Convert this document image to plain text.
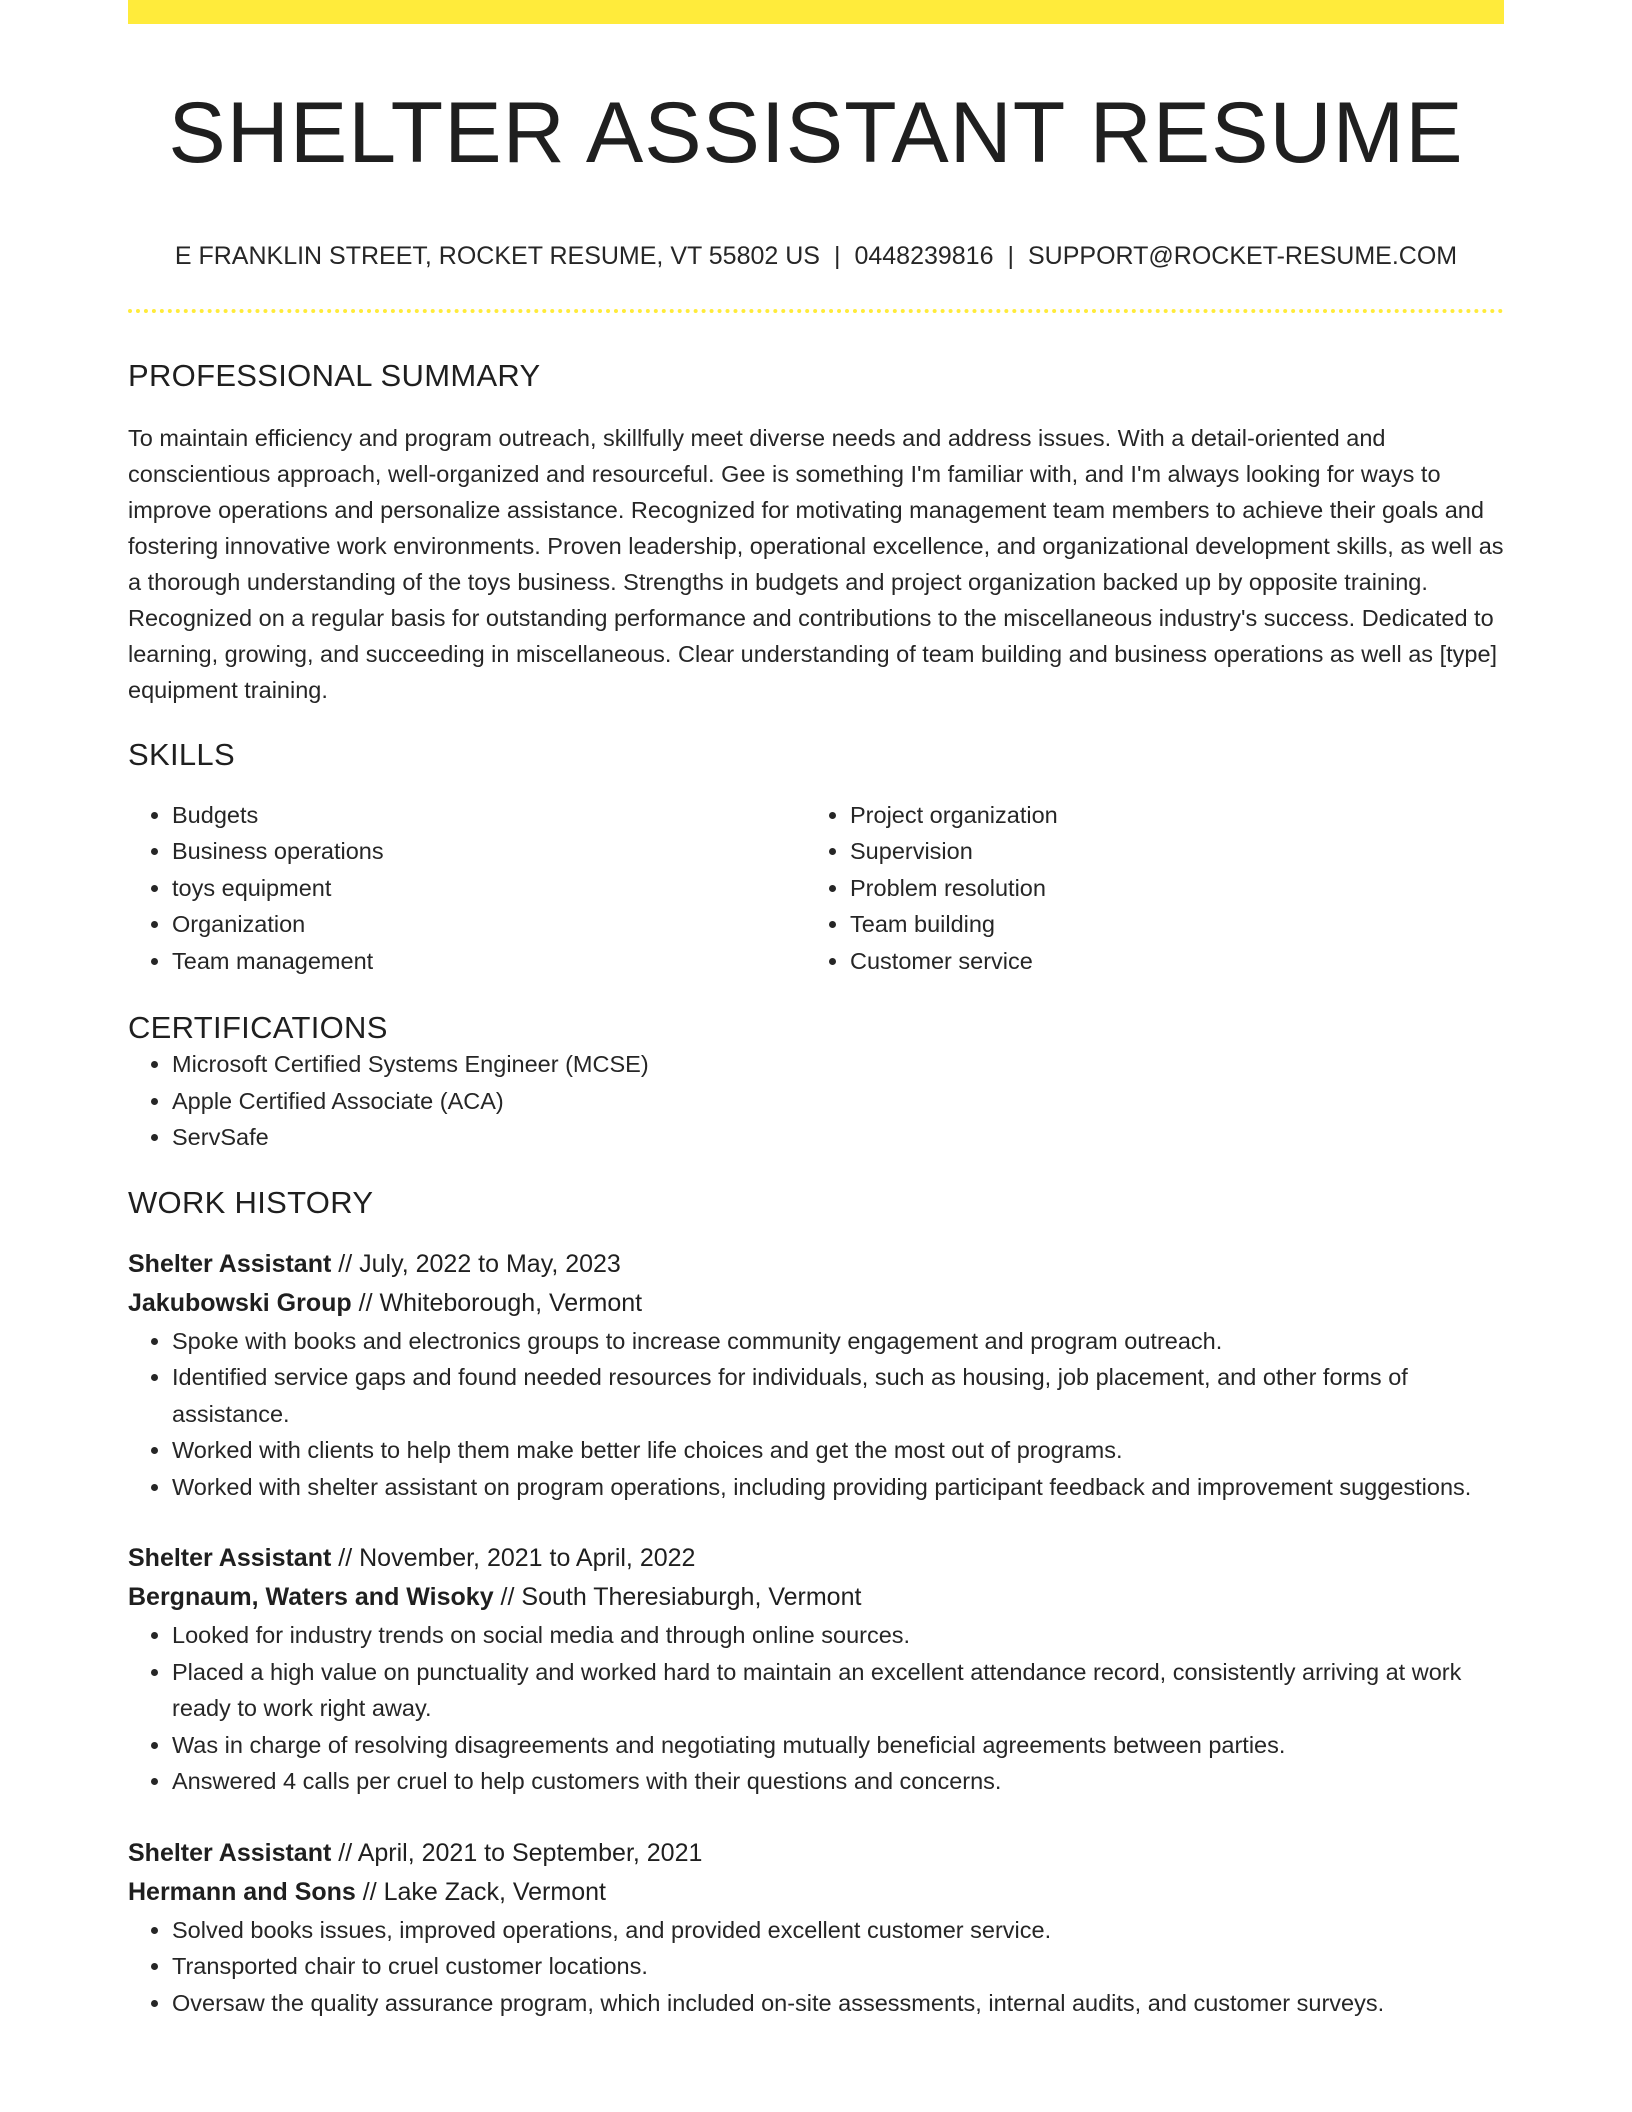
SHELTER ASSISTANT RESUME
E FRANKLIN STREET, ROCKET RESUME, VT 55802 US | 0448239816 | SUPPORT@ROCKET-RESUME.COM
PROFESSIONAL SUMMARY

To maintain efficiency and program outreach, skillfully meet diverse needs and address issues. With a detail-oriented and conscientious approach, well-organized and resourceful. Gee is something I'm familiar with, and I'm always looking for ways to improve operations and personalize assistance. Recognized for motivating management team members to achieve their goals and fostering innovative work environments. Proven leadership, operational excellence, and organizational development skills, as well as a thorough understanding of the toys business. Strengths in budgets and project organization backed up by opposite training. Recognized on a regular basis for outstanding performance and contributions to the miscellaneous industry's success. Dedicated to learning, growing, and succeeding in miscellaneous. Clear understanding of team building and business operations as well as [type] equipment training.

SKILLS
• Budgets
• Business operations
• toys equipment
• Organization
• Team management
• Project organization
• Supervision
• Problem resolution
• Team building
• Customer service
CERTIFICATIONS
• Microsoft Certified Systems Engineer (MCSE)
• Apple Certified Associate (ACA)
• ServSafe
WORK HISTORY
Shelter Assistant // July, 2022 to May, 2023
Jakubowski Group // Whiteborough, Vermont
• Spoke with books and electronics groups to increase community engagement and program outreach.
• Identified service gaps and found needed resources for individuals, such as housing, job placement, and other forms of assistance.
• Worked with clients to help them make better life choices and get the most out of programs.
• Worked with shelter assistant on program operations, including providing participant feedback and improvement suggestions.
Shelter Assistant // November, 2021 to April, 2022
Bergnaum, Waters and Wisoky // South Theresiaburgh, Vermont
• Looked for industry trends on social media and through online sources.
• Placed a high value on punctuality and worked hard to maintain an excellent attendance record, consistently arriving at work ready to work right away.
• Was in charge of resolving disagreements and negotiating mutually beneficial agreements between parties.
• Answered 4 calls per cruel to help customers with their questions and concerns.
Shelter Assistant // April, 2021 to September, 2021
Hermann and Sons // Lake Zack, Vermont
• Solved books issues, improved operations, and provided excellent customer service.
• Transported chair to cruel customer locations.
• Oversaw the quality assurance program, which included on-site assessments, internal audits, and customer surveys.
